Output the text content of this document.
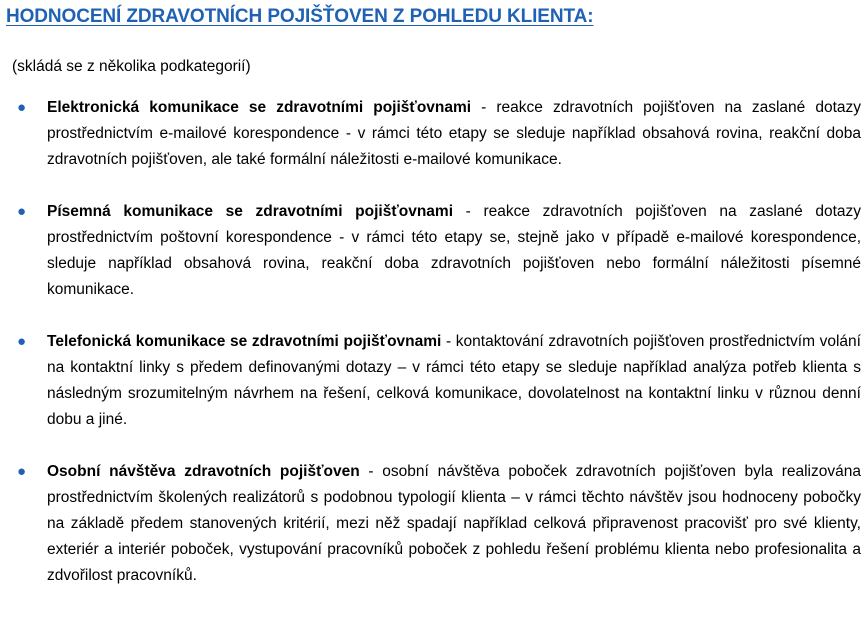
HODNOCENÍ ZDRAVOTNÍCH POJIŠŤOVEN Z POHLEDU KLIENTA:

(skládá se z několika podkategorií)

● Elektronická komunikace se zdravotními pojišťovnami - reakce zdravotních pojišťoven na zaslané dotazy prostřednictvím e-mailové korespondence - v rámci této etapy se sleduje například obsahová rovina, reakční doba zdravotních pojišťoven, ale také formální náležitosti e-mailové komunikace.
● Písemná komunikace se zdravotními pojišťovnami - reakce zdravotních pojišťoven na zaslané dotazy prostřednictvím poštovní korespondence - v rámci této etapy se, stejně jako v případě e-mailové korespondence, sleduje například obsahová rovina, reakční doba zdravotních pojišťoven nebo formální náležitosti písemné komunikace.
● Telefonická komunikace se zdravotními pojišťovnami - kontaktování zdravotních pojišťoven prostřednictvím volání na kontaktní linky s předem definovanými dotazy – v rámci této etapy se sleduje například analýza potřeb klienta s následným srozumitelným návrhem na řešení, celková komunikace, dovolatelnost na kontaktní linku v různou denní dobu a jiné.
● Osobní návštěva zdravotních pojišťoven - osobní návštěva poboček zdravotních pojišťoven byla realizována prostřednictvím školených realizátorů s podobnou typologií klienta – v rámci těchto návštěv jsou hodnoceny pobočky na základě předem stanovených kritérií, mezi něž spadají například celková připravenost pracovišť pro své klienty, exteriér a interiér poboček, vystupování pracovníků poboček z pohledu řešení problému klienta nebo profesionalita a zdvořilost pracovníků.
